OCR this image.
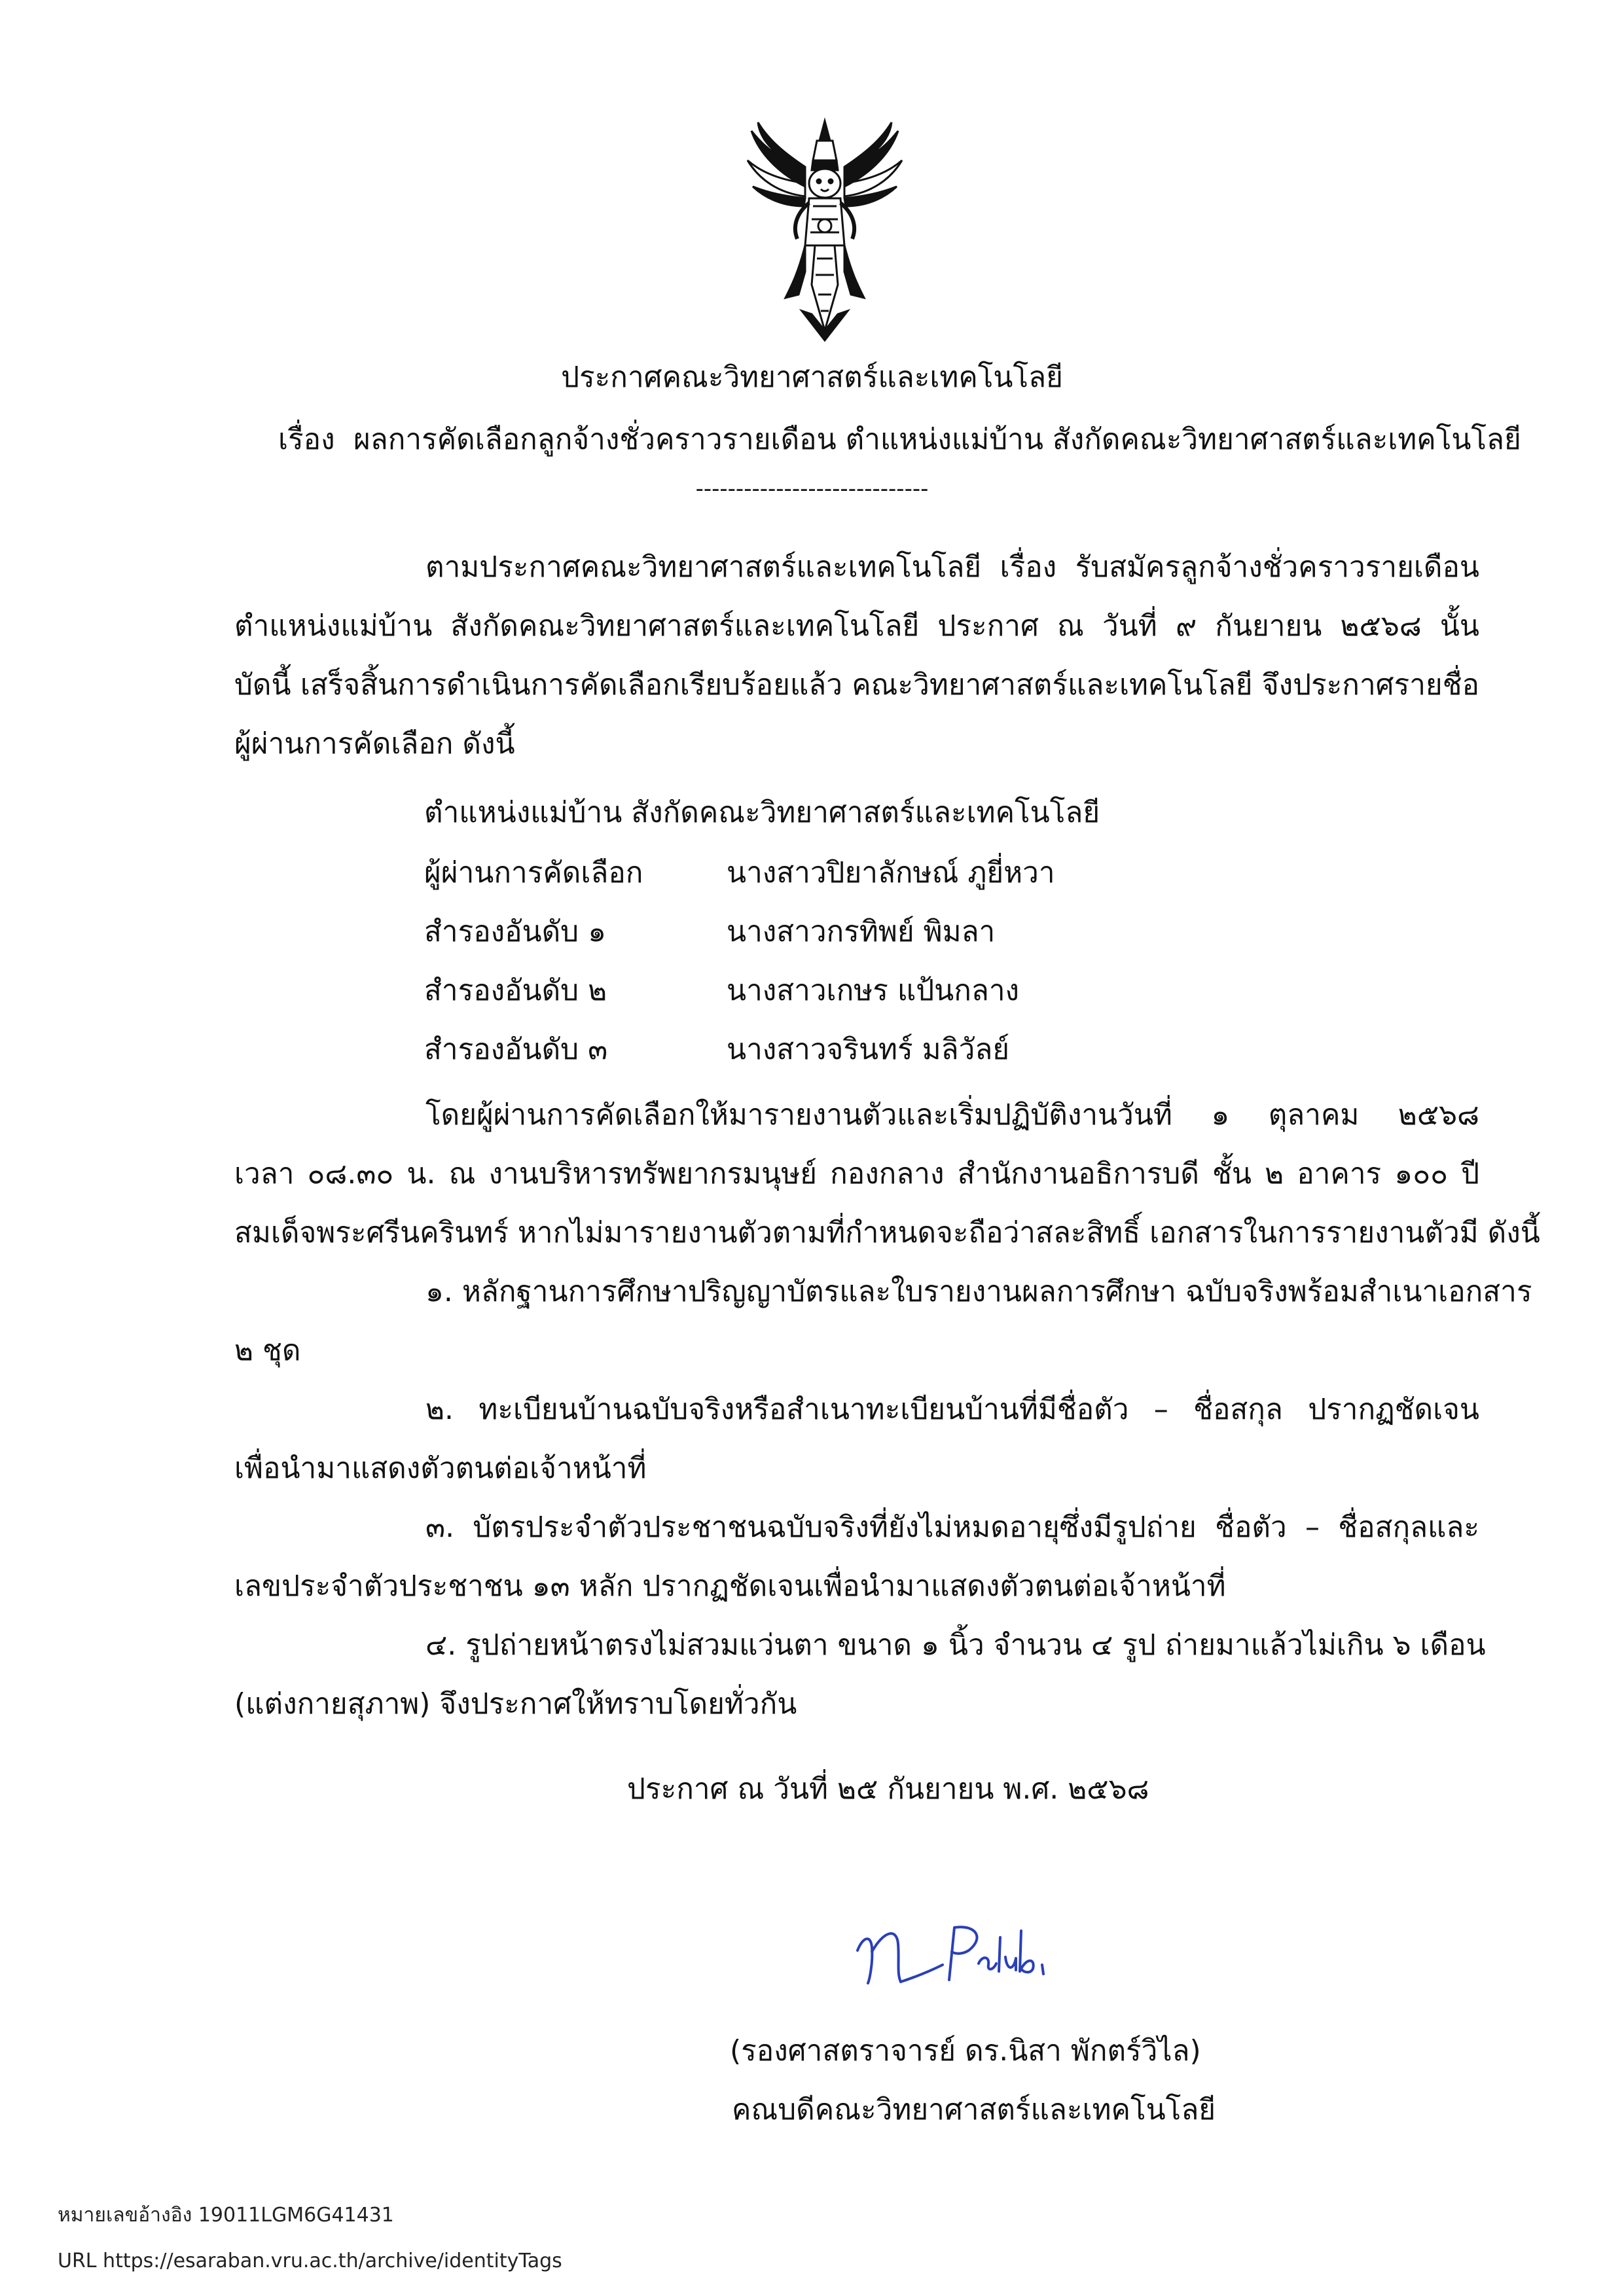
ประกาศคณะวิทยาศาสตร์และเทคโนโลยี
เรื่อง ผลการคัดเลือกลูกจ้างชั่วคราวรายเดือน ตำแหน่งแม่บ้าน สังกัดคณะวิทยาศาสตร์และเทคโนโลยี
-----------------------------
ตามประกาศคณะวิทยาศาสตร์และเทคโนโลยี เรื่อง รับสมัครลูกจ้างชั่วคราวรายเดือน
ตำแหน่งแม่บ้าน สังกัดคณะวิทยาศาสตร์และเทคโนโลยี ประกาศ ณ วันที่ ๙ กันยายน ๒๕๖๘ นั้น
บัดนี้ เสร็จสิ้นการดำเนินการคัดเลือกเรียบร้อยแล้ว คณะวิทยาศาสตร์และเทคโนโลยี จึงประกาศรายชื่อ
ผู้ผ่านการคัดเลือก ดังนี้
ตำแหน่งแม่บ้าน สังกัดคณะวิทยาศาสตร์และเทคโนโลยี
ผู้ผ่านการคัดเลือก	นางสาวปิยาลักษณ์ ภูยี่หวา
สำรองอันดับ ๑	นางสาวกรทิพย์ พิมลา
สำรองอันดับ ๒	นางสาวเกษร แป้นกลาง
สำรองอันดับ ๓	นางสาวจรินทร์ มลิวัลย์
โดยผู้ผ่านการคัดเลือกให้มารายงานตัวและเริ่มปฏิบัติงานวันที่ ๑ ตุลาคม ๒๕๖๘
เวลา ๐๘.๓๐ น. ณ งานบริหารทรัพยากรมนุษย์ กองกลาง สำนักงานอธิการบดี ชั้น ๒ อาคาร ๑๐๐ ปี
สมเด็จพระศรีนครินทร์ หากไม่มารายงานตัวตามที่กำหนดจะถือว่าสละสิทธิ์ เอกสารในการรายงานตัวมี ดังนี้
๑. หลักฐานการศึกษาปริญญาบัตรและใบรายงานผลการศึกษา ฉบับจริงพร้อมสำเนาเอกสาร
๒ ชุด
๒. ทะเบียนบ้านฉบับจริงหรือสำเนาทะเบียนบ้านที่มีชื่อตัว – ชื่อสกุล ปรากฏชัดเจน
เพื่อนำมาแสดงตัวตนต่อเจ้าหน้าที่
๓. บัตรประจำตัวประชาชนฉบับจริงที่ยังไม่หมดอายุซึ่งมีรูปถ่าย ชื่อตัว – ชื่อสกุลและ
เลขประจำตัวประชาชน ๑๓ หลัก ปรากฏชัดเจนเพื่อนำมาแสดงตัวตนต่อเจ้าหน้าที่
๔. รูปถ่ายหน้าตรงไม่สวมแว่นตา ขนาด ๑ นิ้ว จำนวน ๔ รูป ถ่ายมาแล้วไม่เกิน ๖ เดือน
(แต่งกายสุภาพ) จึงประกาศให้ทราบโดยทั่วกัน
ประกาศ ณ วันที่ ๒๕ กันยายน พ.ศ. ๒๕๖๘
(รองศาสตราจารย์ ดร.นิสา พักตร์วิไล)
คณบดีคณะวิทยาศาสตร์และเทคโนโลยี
หมายเลขอ้างอิง 19011LGM6G41431
URL https://esaraban.vru.ac.th/archive/identityTags
